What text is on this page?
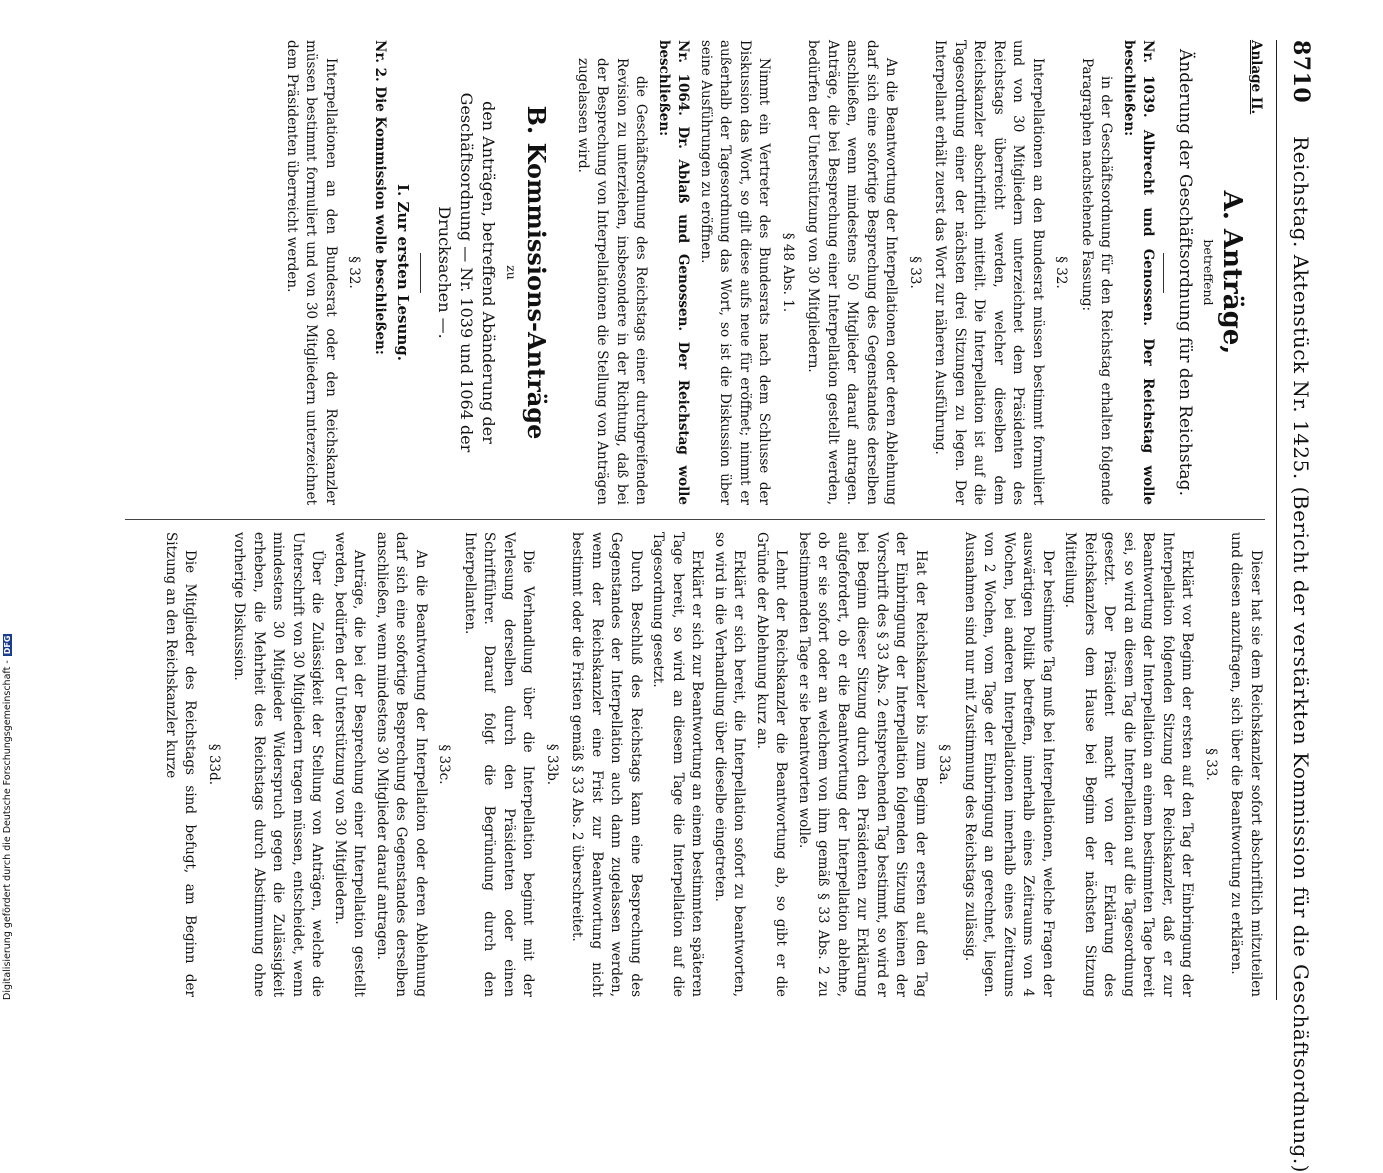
8710 Reichstag. Aktenstück Nr. 1425. (Bericht der verstärkten Kommission für die Geschäftsordnung.)

Anlage II.

A. Anträge,
betreffend
Änderung der Geschäftsordnung für den Reichstag.

Nr. 1039. Albrecht und Genossen. Der Reichstag wolle beschließen:

in der Geschäftsordnung für den Reichstag erhalten folgende Paragraphen nachstehende Fassung:

§ 32.

Interpellationen an den Bundesrat müssen bestimmt formuliert und von 30 Mitgliedern unterzeichnet dem Präsidenten des Reichstags überreicht werden, welcher dieselben dem Reichskanzler abschriftlich mitteilt. Die Interpellation ist auf die Tagesordnung einer der nächsten drei Sitzungen zu legen. Der Interpellant erhält zuerst das Wort zur näheren Ausführung.

§ 33.

An die Beantwortung der Interpellationen oder deren Ablehnung darf sich eine sofortige Besprechung des Gegenstandes derselben anschließen, wenn mindestens 50 Mitglieder darauf antragen. Anträge, die bei Besprechung einer Interpellation gestellt werden, bedürfen der Unterstützung von 30 Mitgliedern.

§ 48 Abs. 1.

Nimmt ein Vertreter des Bundesrats nach dem Schlusse der Diskussion das Wort, so gilt diese aufs neue für eröffnet; nimmt er außerhalb der Tagesordnung das Wort, so ist die Diskussion über seine Ausführungen zu eröffnen.

Nr. 1064. Dr. Ablaß und Genossen. Der Reichstag wolle beschließen:

die Geschäftsordnung des Reichstags einer durchgreifenden Revision zu unterziehen, insbesondere in der Richtung, daß bei der Besprechung von Interpellationen die Stellung von Anträgen zugelassen wird.

B. Kommissions-Anträge
zu
den Anträgen, betreffend Abänderung der Geschäftsordnung — Nr. 1039 und 1064 der Drucksachen —.
I. Zur ersten Lesung.

Nr. 2. Die Kommission wolle beschließen:

§ 32.

Interpellationen an den Bundesrat oder den Reichskanzler müssen bestimmt formuliert und von 30 Mitgliedern unterzeichnet dem Präsidenten überreicht werden.

Dieser hat sie dem Reichskanzler sofort abschriftlich mitzuteilen und diesen anzufragen, sich über die Beantwortung zu erklären.

§ 33.

Erklärt vor Beginn der ersten auf den Tag der Einbringung der Interpellation folgenden Sitzung der Reichskanzler, daß er zur Beantwortung der Interpellation an einem bestimmten Tage bereit sei, so wird an diesem Tag die Interpellation auf die Tagesordnung gesetzt. Der Präsident macht von der Erklärung des Reichskanzlers dem Hause bei Beginn der nächsten Sitzung Mitteilung.

Der bestimmte Tag muß bei Interpellationen, welche Fragen der auswärtigen Politik betreffen, innerhalb eines Zeitraums von 4 Wochen, bei anderen Interpellationen innerhalb eines Zeitraums von 2 Wochen, vom Tage der Einbringung an gerechnet, liegen. Ausnahmen sind nur mit Zustimmung des Reichstags zulässig.

§ 33a.

Hat der Reichskanzler bis zum Beginn der ersten auf den Tag der Einbringung der Interpellation folgenden Sitzung keinen der Vorschrift des § 33 Abs. 2 entsprechenden Tag bestimmt, so wird er bei Beginn dieser Sitzung durch den Präsidenten zur Erklärung aufgefordert, ob er die Beantwortung der Interpellation ablehne, ob er sie sofort oder an welchem von ihm gemäß § 33 Abs. 2 zu bestimmenden Tage er sie beantworten wolle.

Lehnt der Reichskanzler die Beantwortung ab, so gibt er die Gründe der Ablehnung kurz an.

Erklärt er sich bereit, die Interpellation sofort zu beantworten, so wird in die Verhandlung über dieselbe eingetreten.

Erklärt er sich zur Beantwortung an einem bestimmten späteren Tage bereit, so wird an diesem Tage die Interpellation auf die Tagesordnung gesetzt.

Durch Beschluß des Reichstags kann eine Besprechung des Gegenstandes der Interpellation auch dann zugelassen werden, wenn der Reichskanzler eine Frist zur Beantwortung nicht bestimmt oder die Fristen gemäß § 33 Abs. 2 überschreitet.

§ 33b.

Die Verhandlung über die Interpellation beginnt mit der Verlesung derselben durch den Präsidenten oder einen Schriftführer. Darauf folgt die Begründung durch den Interpellanten.

§ 33c.

An die Beantwortung der Interpellation oder deren Ablehnung darf sich eine sofortige Besprechung des Gegenstandes derselben anschließen, wenn mindestens 30 Mitglieder darauf antragen.

Anträge, die bei der Besprechung einer Interpellation gestellt werden, bedürfen der Unterstützung von 30 Mitgliedern.

Über die Zulässigkeit der Stellung von Anträgen, welche die Unterschrift von 30 Mitgliedern tragen müssen, entscheidet, wenn mindestens 30 Mitglieder Widerspruch gegen die Zulässigkeit erheben, die Mehrheit des Reichstags durch Abstimmung ohne vorherige Diskussion.

§ 33d.

Die Mitglieder des Reichstags sind befugt, am Beginn der Sitzung an den Reichskanzler kurze

Digitalisierung gefördert durch die Deutsche Forschungsgemeinschaft -DFG
